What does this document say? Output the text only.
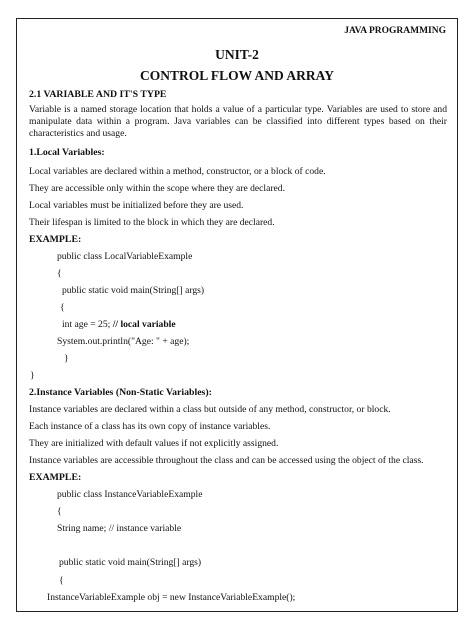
JAVA PROGRAMMING
UNIT-2
CONTROL FLOW AND ARRAY
2.1 VARIABLE AND IT'S TYPE
Variable is a named storage location that holds a value of a particular type. Variables are used to store and manipulate data within a program. Java variables can be classified into different types based on their characteristics and usage.
1.Local Variables:
Local variables are declared within a method, constructor, or a block of code.
They are accessible only within the scope where they are declared.
Local variables must be initialized before they are used.
Their lifespan is limited to the block in which they are declared.
EXAMPLE:
public class LocalVariableExample
{
public static void main(String[] args)
{
int age = 25; // local variable
System.out.println("Age: " + age);
}
}
2.Instance Variables (Non-Static Variables):
Instance variables are declared within a class but outside of any method, constructor, or block.
Each instance of a class has its own copy of instance variables.
They are initialized with default values if not explicitly assigned.
Instance variables are accessible throughout the class and can be accessed using the object of the class.
EXAMPLE:
public class InstanceVariableExample
{
String name; // instance variable
public static void main(String[] args)
{
InstanceVariableExample obj = new InstanceVariableExample();
